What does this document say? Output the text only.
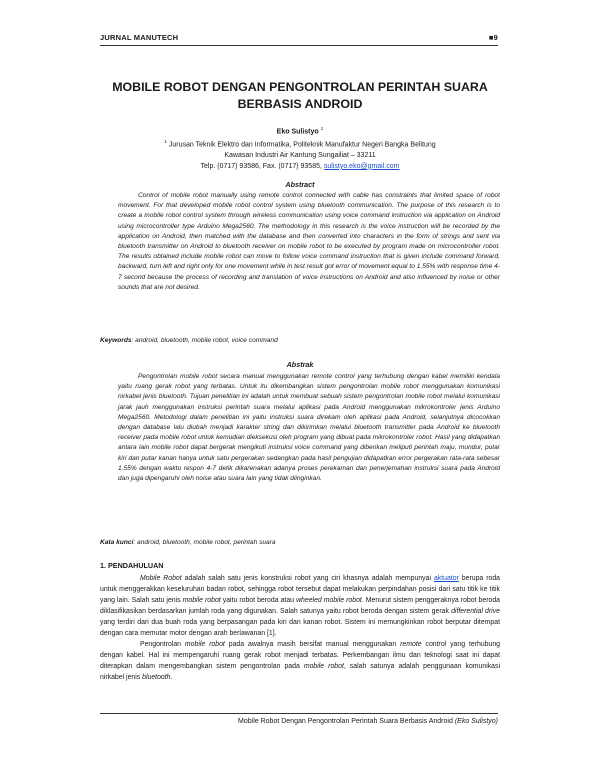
JURNAL MANUTECH	■9
MOBILE ROBOT DENGAN PENGONTROLAN PERINTAH SUARA
BERBASIS ANDROID
Eko Sulistyo $^1$
$^1$ Jurusan Teknik Elektro dan Informatika, Politeknik Manufaktur Negeri Bangka Belitung
Kawasan Industri Air Kantung Sungailiat – 33211
Telp. (0717) 93586, Fax. (0717) 93585, sulistyo.eko@gmail.com
Abstract
Control of mobile robot manually using remote control connected with cable has constraints that limited space of robot movement. For that developed mobile robot control system using bluetooth communication. The purpose of this research is to create a mobile robot control system through wireless communication using voice command instruction via application on Android using microcontroller type Arduino Mega2560. The methodology in this research is the voice instruction will be recorded by the application on Android, then matched with the database and then converted into characters in the form of strings and sent via bluetooth transmitter on Android to bluetooth receiver on mobile robot to be executed by program made on microcontroller robot. The results obtained include mobile robot can move to follow voice command instruction that is given include command forward, backward, turn left and right only for one movement while in test result got error of movement equal to 1.55% with response time 4-7 second because the process of recording and translation of voice instructions on Android and also influenced by noise or other sounds that are not desired.
Keywords: android, bluetooth, mobile robot, voice command
Abstrak
Pengontrolan mobile robot secara manual menggunakan remote control yang terhubung dengan kabel memiliki kendala yaitu ruang gerak robot yang terbatas. Untuk itu dikembangkan sistem pengontrolan mobile robot menggunakan komunikasi nirkabel jenis bluetooth. Tujuan penelitian ini adalah untuk membuat sebuah sistem pengontrolan mobile robot melalui komunikasi jarak jauh menggunakan instruksi perintah suara melalui aplikasi pada Android menggunakan mikrokontroler jenis Arduino Mega2560. Metodologi dalam penelitian ini yaitu instruksi suara direkam oleh aplikasi pada Android, selanjutnya dicocokkan dengan database lalu diubah menjadi karakter string dan dikirimkan melalui bluetooth transmitter pada Android ke bluetooth receiver pada mobile robot untuk kemudian dieksekusi oleh program yang dibuat pada mikrokontroler robot. Hasil yang didapatkan antara lain mobile robot dapat bergerak mengikuti instruksi voice command yang diberikan meliputi perintah maju, mundur, putar kiri dan putar kanan hanya untuk satu pergerakan sedangkan pada hasil pengujian didapatkan error pergerakan rata-rata sebesar 1.55% dengan waktu respon 4-7 detik dikarenakan adanya proses perekaman dan penerjemahan instruksi suara pada Android dan juga dipengaruhi oleh noise atau suara lain yang tidak diinginkan.
Kata kunci: android, bluetooth, mobile robot, perintah suara
1. PENDAHULUAN

Mobile Robot adalah salah satu jenis konstruksi robot yang ciri khasnya adalah mempunyai aktuator berupa roda untuk menggerakkan keseluruhan badan robot, sehingga robot tersebut dapat melakukan perpindahan posisi dari satu titik ke titik yang lain. Salah satu jenis mobile robot yaitu robot beroda atau wheeled mobile robot. Menurut sistem penggeraknya robot beroda diklasifikasikan berdasarkan jumlah roda yang digunakan. Salah satunya yaitu robot beroda dengan sistem gerak differential drive yang terdiri dari dua buah roda yang berpasangan pada kiri dan kanan robot. Sistem ini memungkinkan robot berputar ditempat dengan cara memutar motor dengan arah berlawanan [1].

Pengontrolan mobile robot pada awalnya masih bersifat manual menggunakan remote control yang terhubung dengan kabel. Hal ini mempengaruhi ruang gerak robot menjadi terbatas. Perkembangan ilmu dan teknologi saat ini dapat diterapkan dalam mengembangkan sistem pengontrolan pada mobile robot, salah satunya adalah penggunaan komunikasi nirkabel jenis bluetooth.

Mobile Robot Dengan Pengontrolan Perintah Suara Berbasis Android (Eko Sulistyo)
